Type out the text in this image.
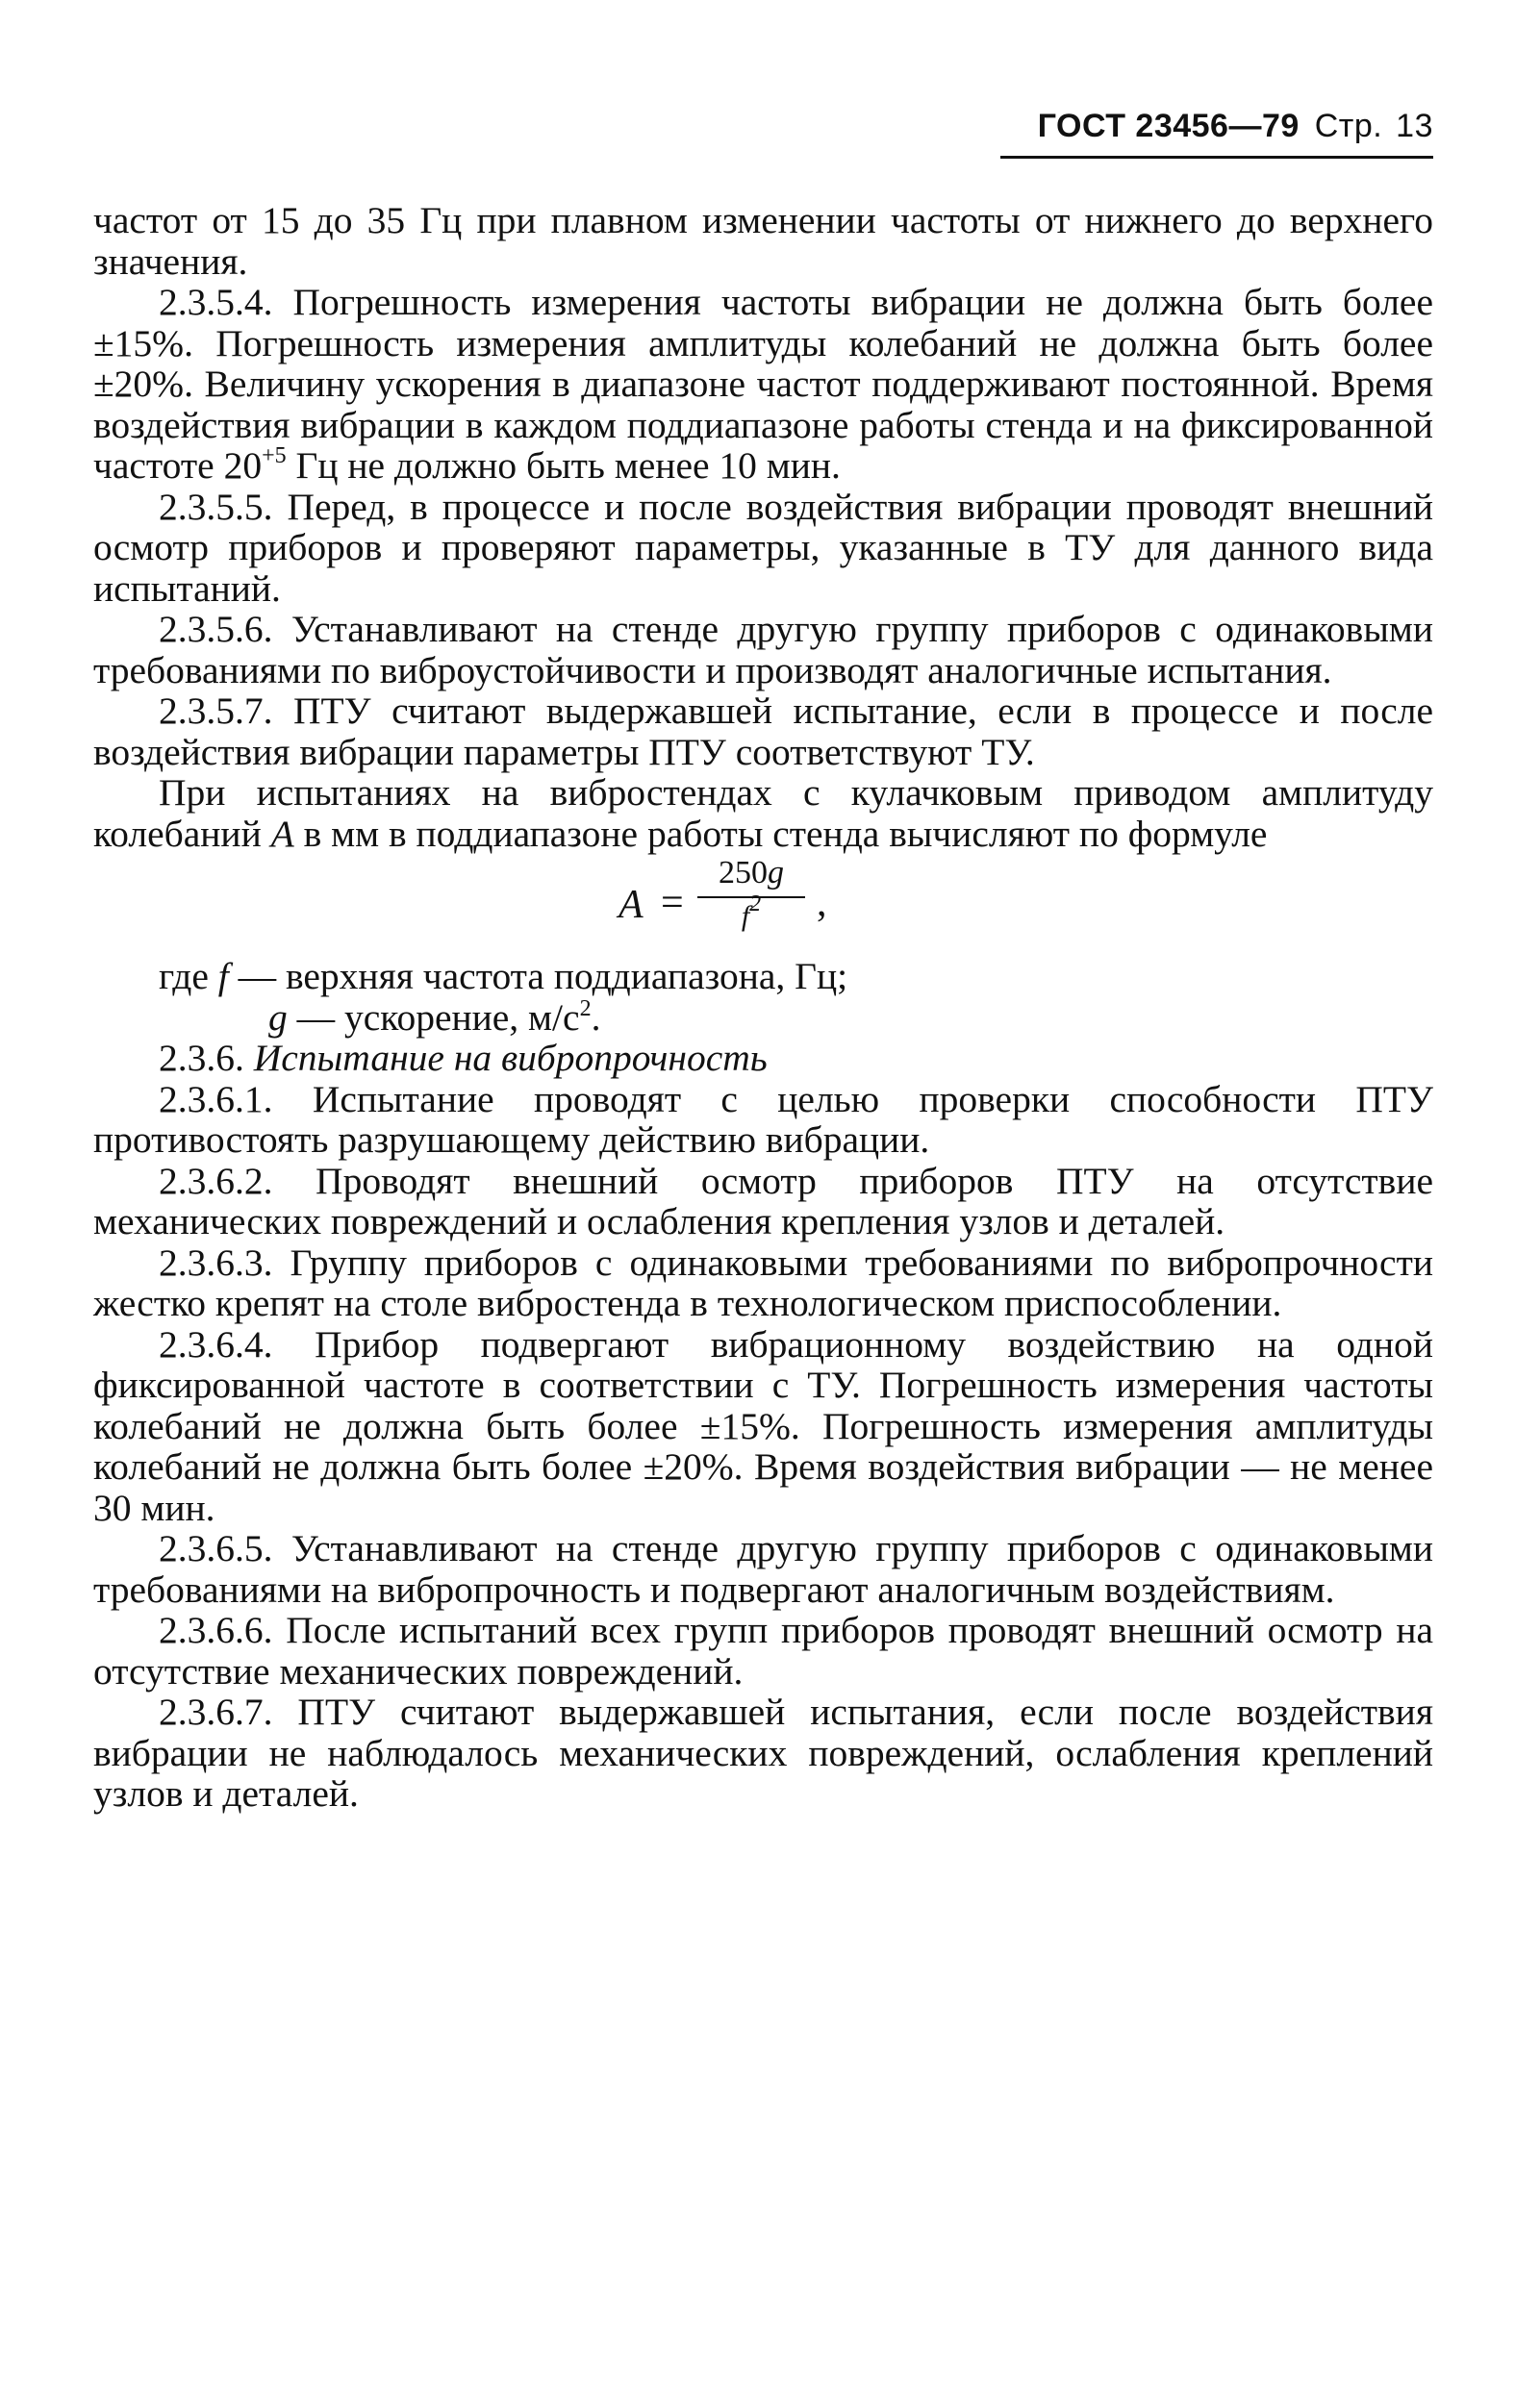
ГОСТ 23456—79 Стр. 13

частот от 15 до 35 Гц при плавном изменении частоты от нижнего до верхнего значения.

2.3.5.4. Погрешность измерения частоты вибрации не должна быть более ±15%. Погрешность измерения амплитуды колебаний не должна быть более ±20%. Величину ускорения в диапазоне частот поддерживают постоянной. Время воздействия вибрации в каждом поддиапазоне работы стенда и на фиксированной частоте $20^{+5}$ Гц не должно быть менее 10 мин.

2.3.5.5. Перед, в процессе и после воздействия вибрации проводят внешний осмотр приборов и проверяют параметры, указанные в ТУ для данного вида испытаний.

2.3.5.6. Устанавливают на стенде другую группу приборов с одинаковыми требованиями по виброустойчивости и производят аналогичные испытания.

2.3.5.7. ПТУ считают выдержавшей испытание, если в процессе и после воздействия вибрации параметры ПТУ соответствуют ТУ.

При испытаниях на вибростендах с кулачковым приводом амплитуду колебаний A в мм в поддиапазоне работы стенда вычисляют по формуле

A =
250g
$f^2$	,

где f — верхняя частота поддиапазона, Гц;

g — ускорение, $м/с^2$.

2.3.6. Испытание на вибропрочность

2.3.6.1. Испытание проводят с целью проверки способности ПТУ противостоять разрушающему действию вибрации.

2.3.6.2. Проводят внешний осмотр приборов ПТУ на отсутствие механических повреждений и ослабления крепления узлов и деталей.

2.3.6.3. Группу приборов с одинаковыми требованиями по вибропрочности жестко крепят на столе вибростенда в технологическом приспособлении.

2.3.6.4. Прибор подвергают вибрационному воздействию на одной фиксированной частоте в соответствии с ТУ. Погрешность измерения частоты колебаний не должна быть более ±15%. Погрешность измерения амплитуды колебаний не должна быть более ±20%. Время воздействия вибрации — не менее 30 мин.

2.3.6.5. Устанавливают на стенде другую группу приборов с одинаковыми требованиями на вибропрочность и подвергают аналогичным воздействиям.

2.3.6.6. После испытаний всех групп приборов проводят внешний осмотр на отсутствие механических повреждений.

2.3.6.7. ПТУ считают выдержавшей испытания, если после воздействия вибрации не наблюдалось механических повреждений, ослабления креплений узлов и деталей.
